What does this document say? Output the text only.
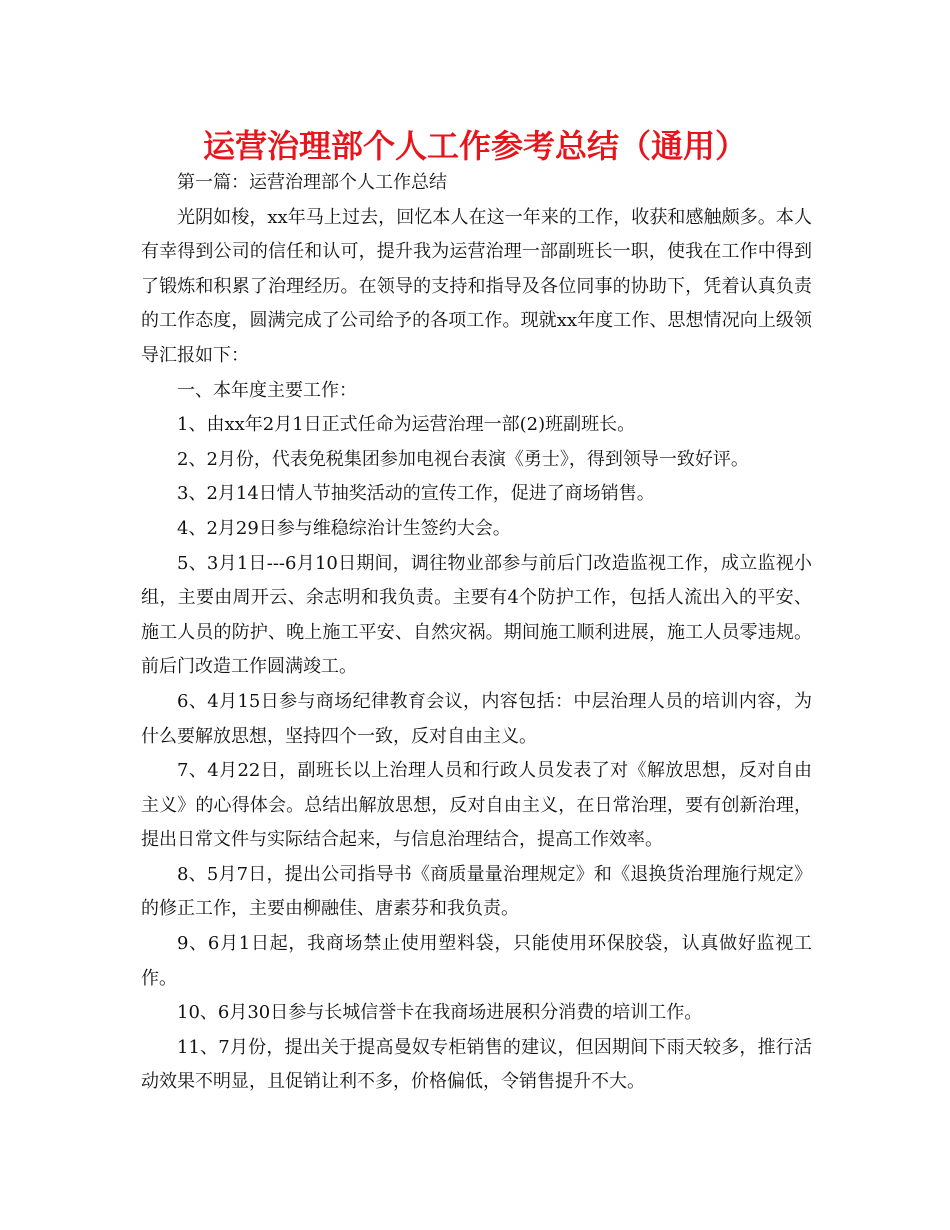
运营治理部个人工作参考总结（通用）

第一篇：运营治理部个人工作总结

光阴如梭，xx年马上过去，回忆本人在这一年来的工作，收获和感触颇多。本人有幸得到公司的信任和认可，提升我为运营治理一部副班长一职，使我在工作中得到了锻炼和积累了治理经历。在领导的支持和指导及各位同事的协助下，凭着认真负责的工作态度，圆满完成了公司给予的各项工作。现就xx年度工作、思想情况向上级领导汇报如下：

一、本年度主要工作：

1、由xx年2月1日正式任命为运营治理一部(2)班副班长。

2、2月份，代表免税集团参加电视台表演《勇士》，得到领导一致好评。

3、2月14日情人节抽奖活动的宣传工作，促进了商场销售。

4、2月29日参与维稳综治计生签约大会。

5、3月1日---6月10日期间，调往物业部参与前后门改造监视工作，成立监视小组，主要由周开云、余志明和我负责。主要有4个防护工作，包括人流出入的平安、施工人员的防护、晚上施工平安、自然灾祸。期间施工顺利进展，施工人员零违规。前后门改造工作圆满竣工。

6、4月15日参与商场纪律教育会议，内容包括：中层治理人员的培训内容，为什么要解放思想，坚持四个一致，反对自由主义。

7、4月22日，副班长以上治理人员和行政人员发表了对《解放思想，反对自由主义》的心得体会。总结出解放思想，反对自由主义，在日常治理，要有创新治理，提出日常文件与实际结合起来，与信息治理结合，提高工作效率。

8、5月7日，提出公司指导书《商质量量治理规定》和《退换货治理施行规定》的修正工作，主要由柳融佳、唐素芬和我负责。

9、6月1日起，我商场禁止使用塑料袋，只能使用环保胶袋，认真做好监视工作。

10、6月30日参与长城信誉卡在我商场进展积分消费的培训工作。

11、7月份，提出关于提高曼奴专柜销售的建议，但因期间下雨天较多，推行活动效果不明显，且促销让利不多，价格偏低，令销售提升不大。
